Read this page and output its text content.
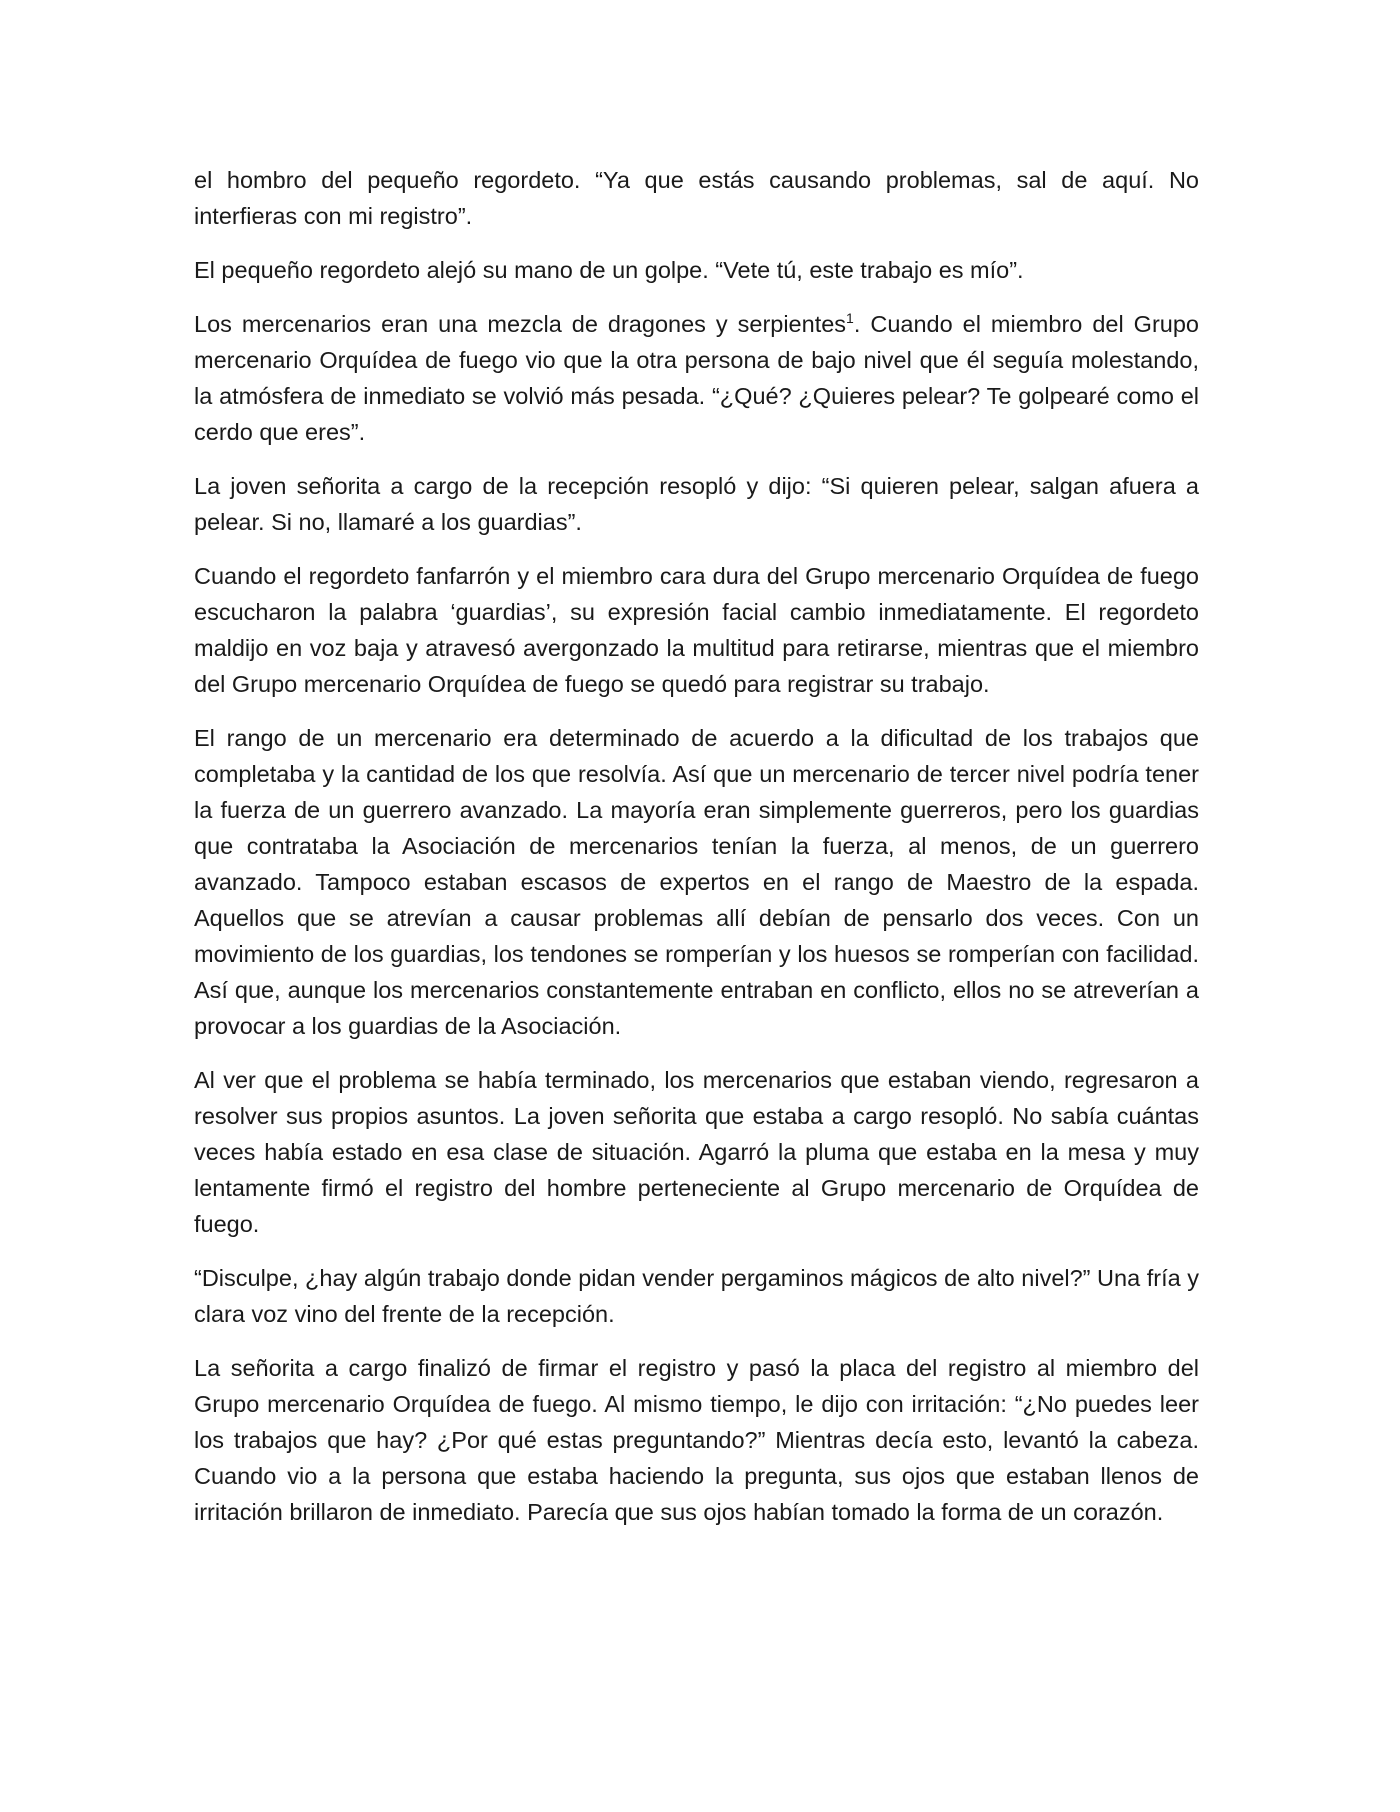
el hombro del pequeño regordeto. “Ya que estás causando problemas, sal de aquí. No interfieras con mi registro”.

El pequeño regordeto alejó su mano de un golpe. “Vete tú, este trabajo es mío”.

Los mercenarios eran una mezcla de dragones y serpientes$^1$. Cuando el miembro del Grupo mercenario Orquídea de fuego vio que la otra persona de bajo nivel que él seguía molestando, la atmósfera de inmediato se volvió más pesada. “¿Qué? ¿Quieres pelear? Te golpearé como el cerdo que eres”.

La joven señorita a cargo de la recepción resopló y dijo: “Si quieren pelear, salgan afuera a pelear. Si no, llamaré a los guardias”.

Cuando el regordeto fanfarrón y el miembro cara dura del Grupo mercenario Orquídea de fuego escucharon la palabra ‘guardias’, su expresión facial cambio inmediatamente. El regordeto maldijo en voz baja y atravesó avergonzado la multitud para retirarse, mientras que el miembro del Grupo mercenario Orquídea de fuego se quedó para registrar su trabajo.

El rango de un mercenario era determinado de acuerdo a la dificultad de los trabajos que completaba y la cantidad de los que resolvía. Así que un mercenario de tercer nivel podría tener la fuerza de un guerrero avanzado. La mayoría eran simplemente guerreros, pero los guardias que contrataba la Asociación de mercenarios tenían la fuerza, al menos, de un guerrero avanzado. Tampoco estaban escasos de expertos en el rango de Maestro de la espada. Aquellos que se atrevían a causar problemas allí debían de pensarlo dos veces. Con un movimiento de los guardias, los tendones se romperían y los huesos se romperían con facilidad. Así que, aunque los mercenarios constantemente entraban en conflicto, ellos no se atreverían a provocar a los guardias de la Asociación.

Al ver que el problema se había terminado, los mercenarios que estaban viendo, regresaron a resolver sus propios asuntos. La joven señorita que estaba a cargo resopló. No sabía cuántas veces había estado en esa clase de situación. Agarró la pluma que estaba en la mesa y muy lentamente firmó el registro del hombre perteneciente al Grupo mercenario de Orquídea de fuego.

“Disculpe, ¿hay algún trabajo donde pidan vender pergaminos mágicos de alto nivel?” Una fría y clara voz vino del frente de la recepción.

La señorita a cargo finalizó de firmar el registro y pasó la placa del registro al miembro del Grupo mercenario Orquídea de fuego. Al mismo tiempo, le dijo con irritación: “¿No puedes leer los trabajos que hay? ¿Por qué estas preguntando?” Mientras decía esto, levantó la cabeza. Cuando vio a la persona que estaba haciendo la pregunta, sus ojos que estaban llenos de irritación brillaron de inmediato. Parecía que sus ojos habían tomado la forma de un corazón.
